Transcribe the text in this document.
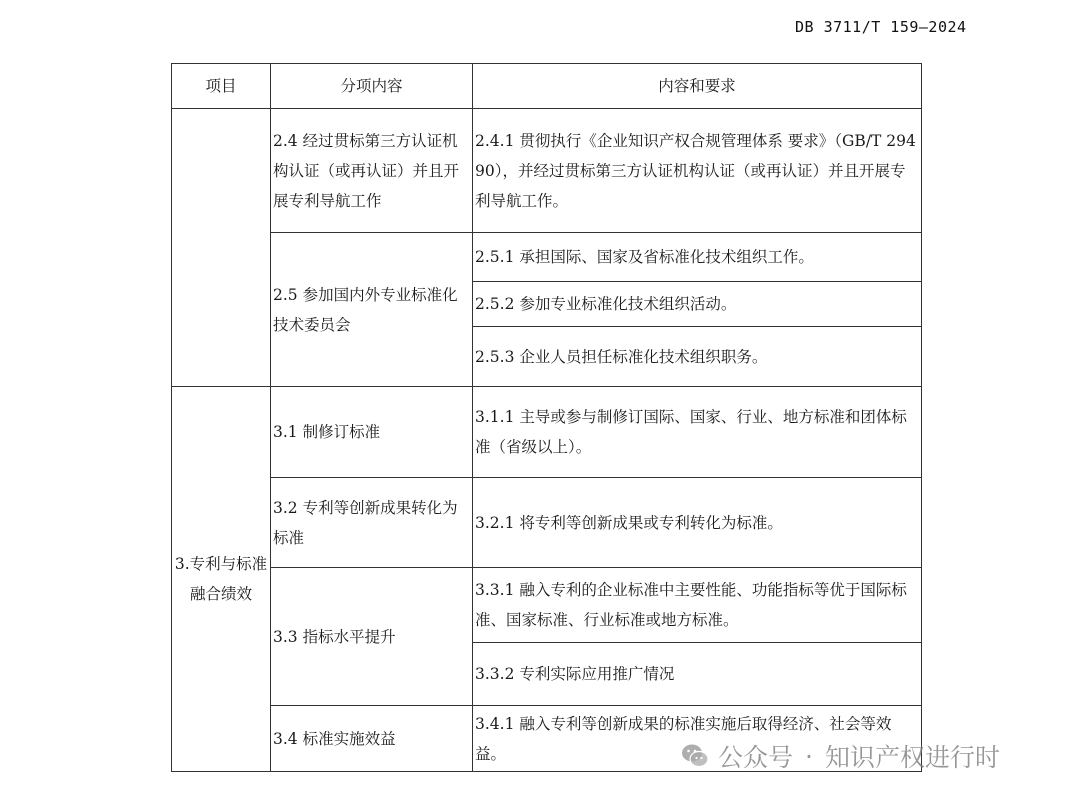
DB 3711/T 159—2024
项目	分项内容	内容和要求
	2.4 经过贯标第三方认证机构认证（或再认证）并且开展专利导航工作	2.4.1 贯彻执行《企业知识产权合规管理体系 要求》（GB/T 29490），并经过贯标第三方认证机构认证（或再认证）并且开展专利导航工作。
	2.5 参加国内外专业标准化技术委员会	2.5.1 承担国际、国家及省标准化技术组织工作。
		2.5.2 参加专业标准化技术组织活动。
		2.5.3 企业人员担任标准化技术组织职务。
3.专利与标准融合绩效	3.1 制修订标准	3.1.1 主导或参与制修订国际、国家、行业、地方标准和团体标准（省级以上）。
	3.2 专利等创新成果转化为标准	3.2.1 将专利等创新成果或专利转化为标准。
	3.3 指标水平提升	3.3.1 融入专利的企业标准中主要性能、功能指标等优于国际标准、国家标准、行业标准或地方标准。
		3.3.2 专利实际应用推广情况
	3.4 标准实施效益	3.4.1 融入专利等创新成果的标准实施后取得经济、社会等效益。	公众号 · 知识产权进行时
